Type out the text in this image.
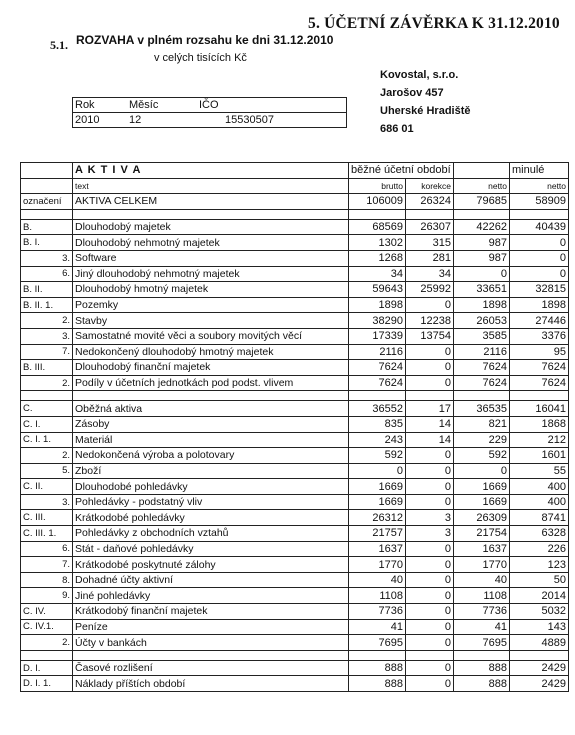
5. ÚČETNÍ ZÁVĚRKA K 31.12.2010
5.1. ROZVAHA v plném rozsahu ke dni 31.12.2010
v celých tisících Kč
Kovostal, s.r.o.
Jarošov 457
Uherské Hradiště
686 01
Rok	Měsíc	IČO
2010	12	15530507
	A K T I V A	běžné účetní období			minulé
	text	brutto	korekce	netto	netto
označení	AKTIVA CELKEM	106009	26324	79685	58909

B.	Dlouhodobý majetek	68569	26307	42262	40439
B. I.	Dlouhodobý nehmotný majetek	1302	315	987	0
3.	Software	1268	281	987	0
6.	Jiný dlouhodobý nehmotný majetek	34	34	0	0
B. II.	Dlouhodobý hmotný majetek	59643	25992	33651	32815
B. II. 1.	Pozemky	1898	0	1898	1898
2.	Stavby	38290	12238	26053	27446
3.	Samostatné movité věci a soubory movitých věcí	17339	13754	3585	3376
7.	Nedokončený dlouhodobý hmotný majetek	2116	0	2116	95
B. III.	Dlouhodobý finanční majetek	7624	0	7624	7624
2.	Podíly v účetních jednotkách pod podst. vlivem	7624	0	7624	7624

C.	Oběžná aktiva	36552	17	36535	16041
C. I.	Zásoby	835	14	821	1868
C. I. 1.	Materiál	243	14	229	212
2.	Nedokončená výroba a polotovary	592	0	592	1601
5.	Zboží	0	0	0	55
C. II.	Dlouhodobé pohledávky	1669	0	1669	400
3.	Pohledávky - podstatný vliv	1669	0	1669	400
C. III.	Krátkodobé pohledávky	26312	3	26309	8741
C. III. 1.	Pohledávky z obchodních vztahů	21757	3	21754	6328
6.	Stát - daňové pohledávky	1637	0	1637	226
7.	Krátkodobé poskytnuté zálohy	1770	0	1770	123
8.	Dohadné účty aktivní	40	0	40	50
9.	Jiné pohledávky	1108	0	1108	2014
C. IV.	Krátkodobý finanční majetek	7736	0	7736	5032
C. IV.1.	Peníze	41	0	41	143
2.	Účty v bankách	7695	0	7695	4889

D. I.	Časové rozlišení	888	0	888	2429
D. I. 1.	Náklady příštích období	888	0	888	2429
